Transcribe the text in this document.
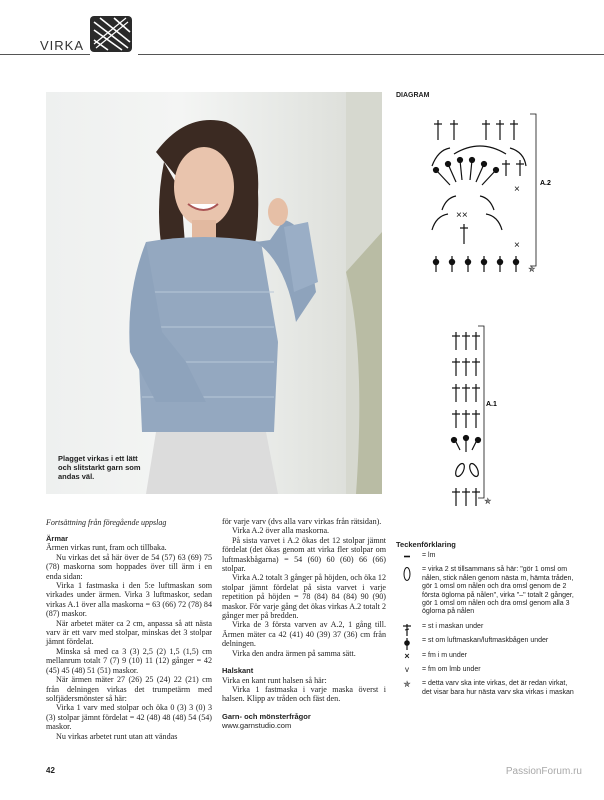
VIRKA
Plagget virkas i ett lätt och slitstarkt garn som andas väl.
DIAGRAM
×
××
×
✯
✯
A.2
A.1
Fortsättning från föregående uppslag

Ärmar

Ärmen virkas runt, fram och tillbaka.

Nu virkas det så här över de 54 (57) 63 (69) 75 (78) maskorna som hoppades över till ärm i en enda sidan:

Virka 1 fastmaska i den 5:e luftmaskan som virkades under ärmen. Virka 3 luftmaskor, sedan virkas A.1 över alla maskorna = 63 (66) 72 (78) 84 (87) maskor.

När arbetet mäter ca 2 cm, anpassa så att nästa varv är ett varv med stolpar, minskas det 3 stolpar jämnt fördelat.

Minska så med ca 3 (3) 2,5 (2) 1,5 (1,5) cm mellanrum totalt 7 (7) 9 (10) 11 (12) gånger = 42 (45) 45 (48) 51 (51) maskor.

När ärmen mäter 27 (26) 25 (24) 22 (21) cm från delningen virkas det trumpetärm med solfjädersmönster så här:

Virka 1 varv med stolpar och öka 0 (3) 3 (0) 3 (3) stolpar jämnt fördelat = 42 (48) 48 (48) 54 (54) maskor.

Nu virkas arbetet runt utan att vändas

för varje varv (dvs alla varv virkas från rätsidan).

Virka A.2 över alla maskorna.

På sista varvet i A.2 ökas det 12 stolpar jämnt fördelat (det ökas genom att virka fler stolpar om luftmaskbågarna) = 54 (60) 60 (60) 66 (66) stolpar.

Virka A.2 totalt 3 gånger på höjden, och öka 12 stolpar jämnt fördelat på sista varvet i varje repetition på höjden = 78 (84) 84 (84) 90 (90) maskor. För varje gång det ökas virkas A.2 totalt 2 gånger mer på bredden.

Virka de 3 första varven av A.2, 1 gång till. Ärmen mäter ca 42 (41) 40 (39) 37 (36) cm från delningen.

Virka den andra ärmen på samma sätt.

Halskant

Virka en kant runt halsen så här:

Virka 1 fastmaska i varje maska överst i halsen. Klipp av tråden och fäst den.

Garn- och mönsterfrågor

www.garnstudio.com

Teckenförklaring
= lm
= virka 2 st tillsammans så här: "gör 1 omsl om nålen, stick nålen genom nästa m, hämta tråden, gör 1 omsl om nålen och dra omsl genom de 2 första öglorna på nålen", virka "–" totalt 2 gånger, gör 1 omsl om nålen och dra omsl genom alla 3 öglorna på nålen
= st i maskan under
= st om luftmaskan/luftmaskbågen under
×	= fm i m under
v	= fm om lmb under
✯	= detta varv ska inte virkas, det är redan virkat, det visar bara hur nästa varv ska virkas i maskan
42	PassionForum.ru
